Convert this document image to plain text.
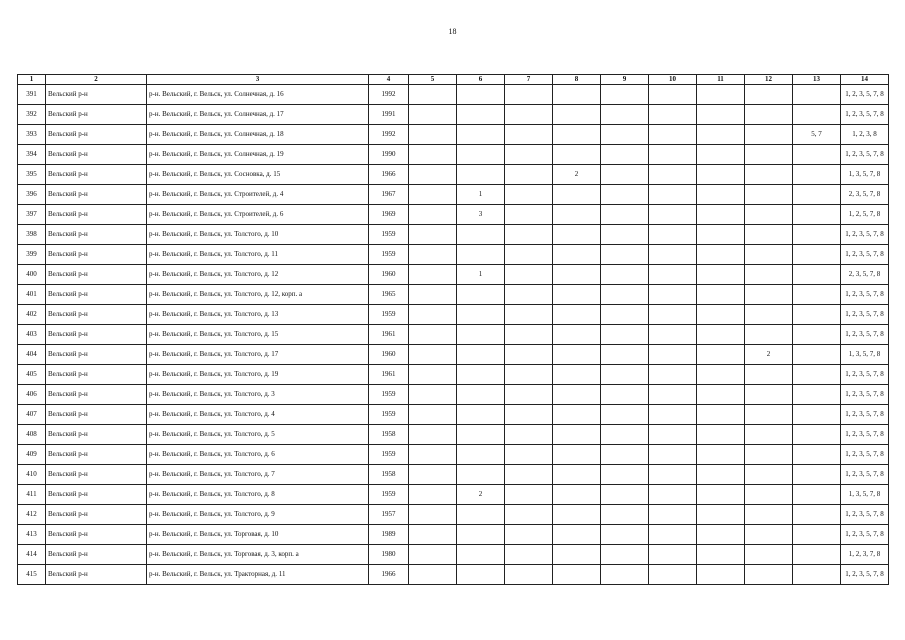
18
1	2	3	4	5	6	7	8	9	10	11	12	13	14
391	Вельский р-н	р-н. Вельский, г. Вельск, ул. Солнечная, д. 16	1992										1, 2, 3, 5, 7, 8
392	Вельский р-н	р-н. Вельский, г. Вельск, ул. Солнечная, д. 17	1991										1, 2, 3, 5, 7, 8
393	Вельский р-н	р-н. Вельский, г. Вельск, ул. Солнечная, д. 18	1992									5, 7	1, 2, 3, 8
394	Вельский р-н	р-н. Вельский, г. Вельск, ул. Солнечная, д. 19	1990										1, 2, 3, 5, 7, 8
395	Вельский р-н	р-н. Вельский, г. Вельск, ул. Сосновка, д. 15	1966				2						1, 3, 5, 7, 8
396	Вельский р-н	р-н. Вельский, г. Вельск, ул. Строителей, д. 4	1967		1								2, 3, 5, 7, 8
397	Вельский р-н	р-н. Вельский, г. Вельск, ул. Строителей, д. 6	1969		3								1, 2, 5, 7, 8
398	Вельский р-н	р-н. Вельский, г. Вельск, ул. Толстого, д. 10	1959										1, 2, 3, 5, 7, 8
399	Вельский р-н	р-н. Вельский, г. Вельск, ул. Толстого, д. 11	1959										1, 2, 3, 5, 7, 8
400	Вельский р-н	р-н. Вельский, г. Вельск, ул. Толстого, д. 12	1960		1								2, 3, 5, 7, 8
401	Вельский р-н	р-н. Вельский, г. Вельск, ул. Толстого, д. 12, корп. а	1965										1, 2, 3, 5, 7, 8
402	Вельский р-н	р-н. Вельский, г. Вельск, ул. Толстого, д. 13	1959										1, 2, 3, 5, 7, 8
403	Вельский р-н	р-н. Вельский, г. Вельск, ул. Толстого, д. 15	1961										1, 2, 3, 5, 7, 8
404	Вельский р-н	р-н. Вельский, г. Вельск, ул. Толстого, д. 17	1960								2		1, 3, 5, 7, 8
405	Вельский р-н	р-н. Вельский, г. Вельск, ул. Толстого, д. 19	1961										1, 2, 3, 5, 7, 8
406	Вельский р-н	р-н. Вельский, г. Вельск, ул. Толстого, д. 3	1959										1, 2, 3, 5, 7, 8
407	Вельский р-н	р-н. Вельский, г. Вельск, ул. Толстого, д. 4	1959										1, 2, 3, 5, 7, 8
408	Вельский р-н	р-н. Вельский, г. Вельск, ул. Толстого, д. 5	1958										1, 2, 3, 5, 7, 8
409	Вельский р-н	р-н. Вельский, г. Вельск, ул. Толстого, д. 6	1959										1, 2, 3, 5, 7, 8
410	Вельский р-н	р-н. Вельский, г. Вельск, ул. Толстого, д. 7	1958										1, 2, 3, 5, 7, 8
411	Вельский р-н	р-н. Вельский, г. Вельск, ул. Толстого, д. 8	1959		2								1, 3, 5, 7, 8
412	Вельский р-н	р-н. Вельский, г. Вельск, ул. Толстого, д. 9	1957										1, 2, 3, 5, 7, 8
413	Вельский р-н	р-н. Вельский, г. Вельск, ул. Торговая, д. 10	1989										1, 2, 3, 5, 7, 8
414	Вельский р-н	р-н. Вельский, г. Вельск, ул. Торговая, д. 3, корп. а	1980										1, 2, 3, 7, 8
415	Вельский р-н	р-н. Вельский, г. Вельск, ул. Тракторная, д. 11	1966										1, 2, 3, 5, 7, 8
